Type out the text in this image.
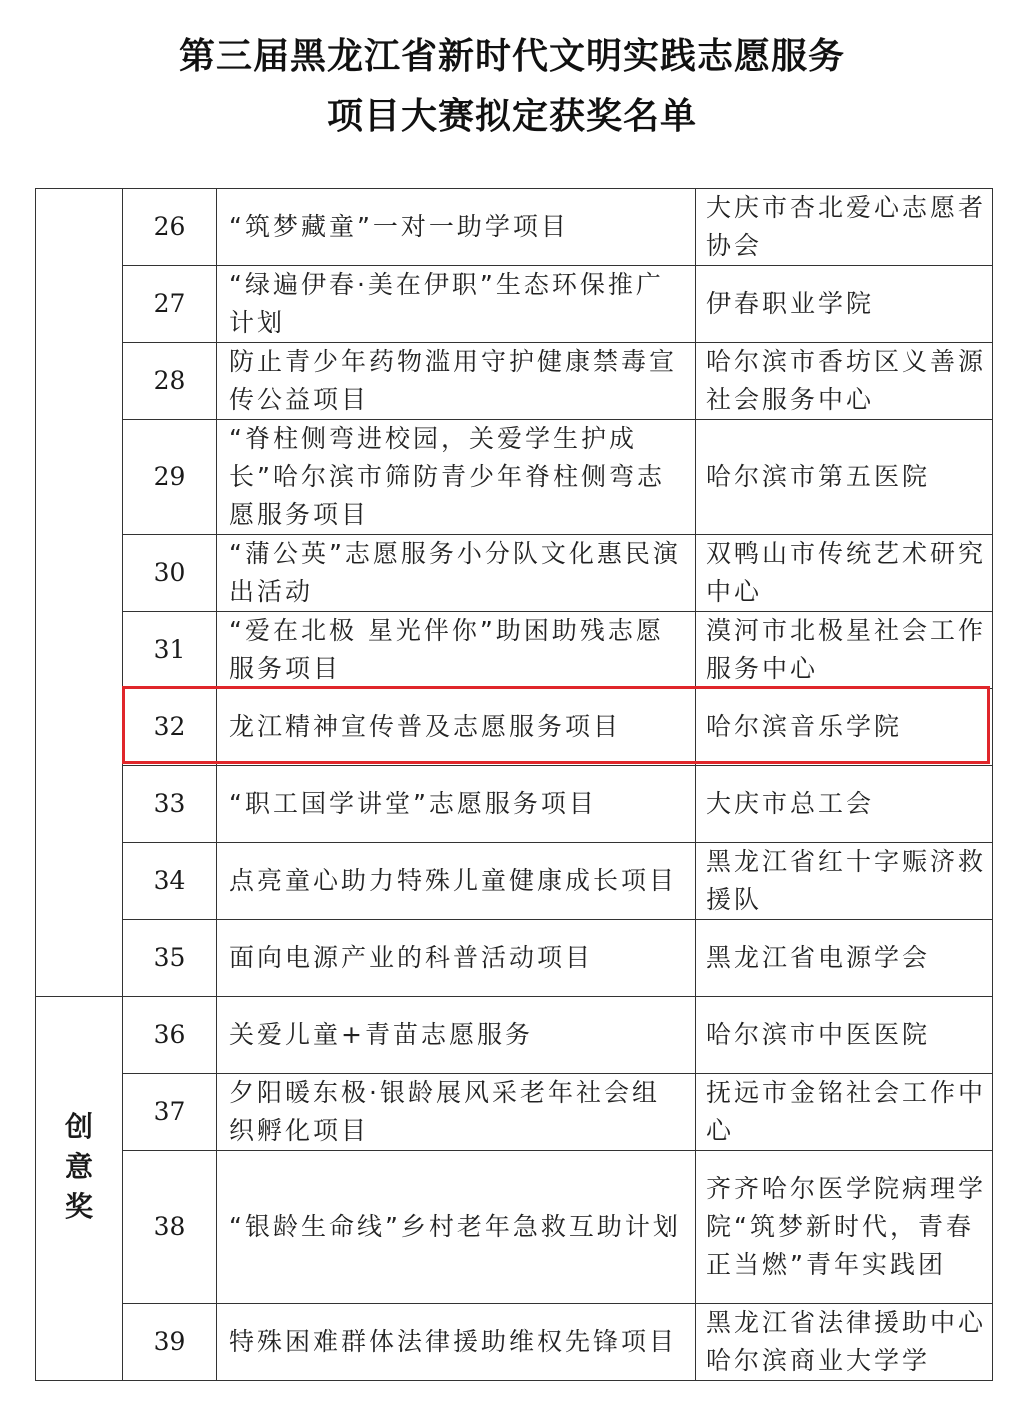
第三届黑龙江省新时代文明实践志愿服务
项目大赛拟定获奖名单
	26	“筑梦藏童”一对一助学项目	大庆市杏北爱心志愿者协会
	27	“绿遍伊春·美在伊职”生态环保推广计划	伊春职业学院
	28	防止青少年药物滥用守护健康禁毒宣传公益项目	哈尔滨市香坊区义善源社会服务中心
	29	“脊柱侧弯进校园，关爱学生护成长”哈尔滨市筛防青少年脊柱侧弯志愿服务项目	哈尔滨市第五医院
	30	“蒲公英”志愿服务小分队文化惠民演出活动	双鸭山市传统艺术研究中心
	31	“爱在北极 星光伴你”助困助残志愿服务项目	漠河市北极星社会工作服务中心
	32	龙江精神宣传普及志愿服务项目	哈尔滨音乐学院
	33	“职工国学讲堂”志愿服务项目	大庆市总工会
	34	点亮童心助力特殊儿童健康成长项目	黑龙江省红十字赈济救援队
	35	面向电源产业的科普活动项目	黑龙江省电源学会
创意奖	36	关爱儿童+青苗志愿服务	哈尔滨市中医医院
	37	夕阳暖东极·银龄展风采老年社会组织孵化项目	抚远市金铭社会工作中心
	38	“银龄生命线”乡村老年急救互助计划	齐齐哈尔医学院病理学院“筑梦新时代，青春正当燃”青年实践团
	39	特殊困难群体法律援助维权先锋项目	黑龙江省法律援助中心哈尔滨商业大学学
